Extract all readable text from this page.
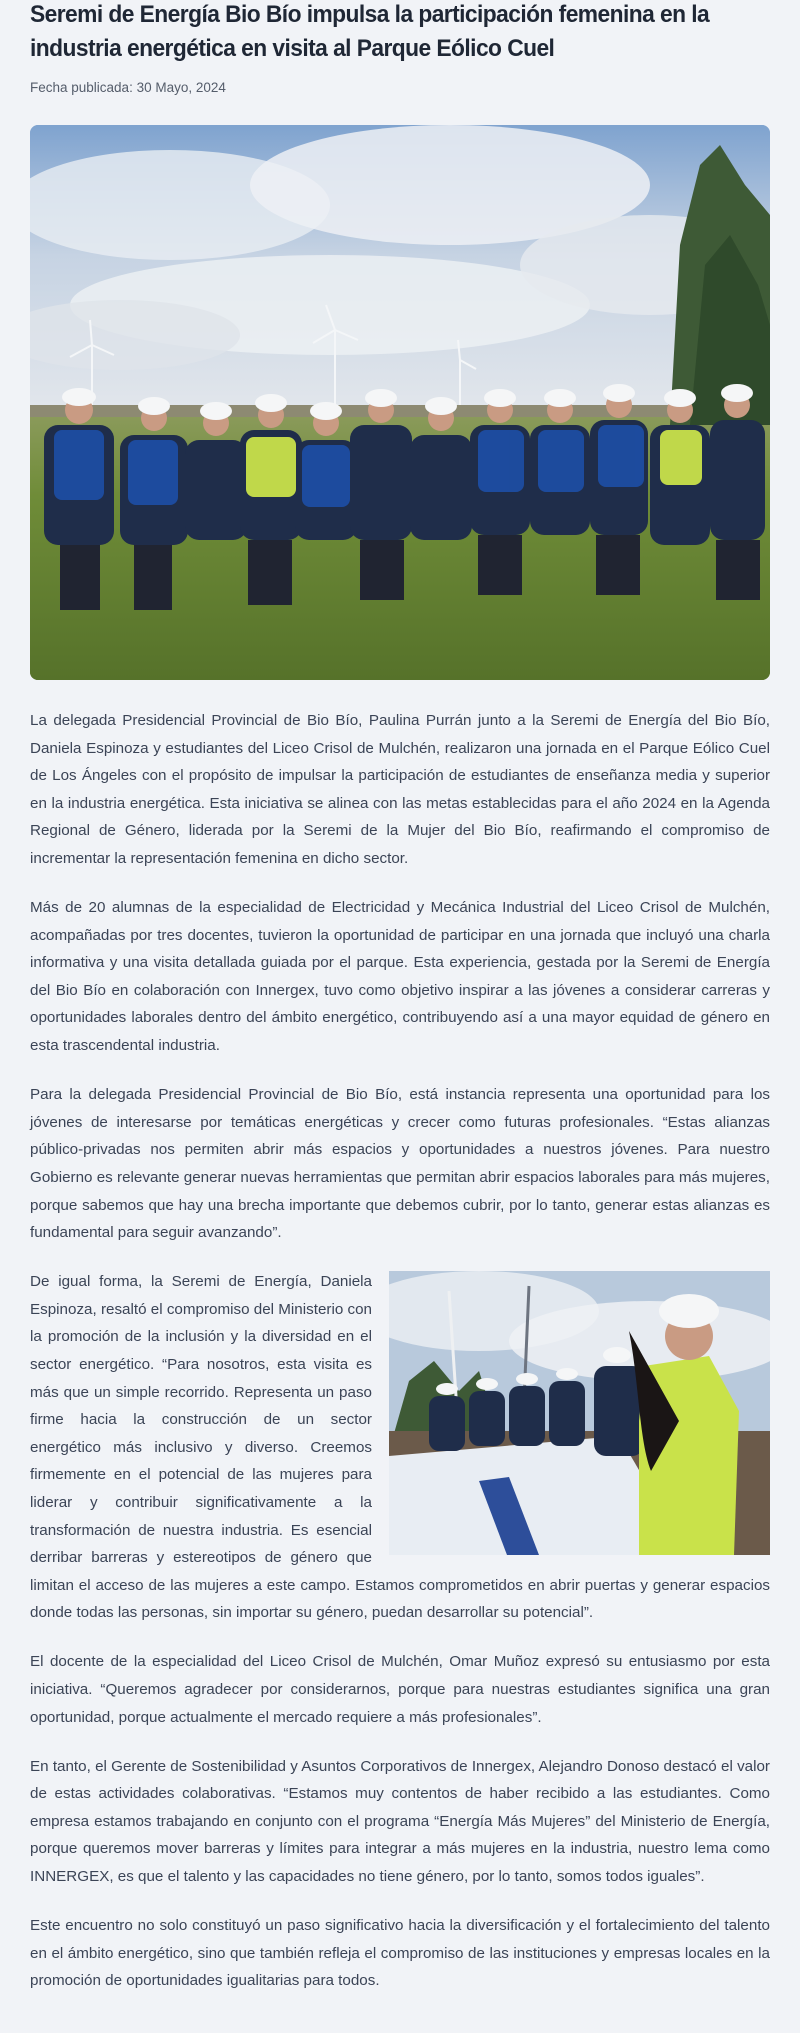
Seremi de Energía Bio Bío impulsa la participación femenina en la industria energética en visita al Parque Eólico Cuel
Fecha publicada: 30 Mayo, 2024

La delegada Presidencial Provincial de Bio Bío, Paulina Purrán junto a la Seremi de Energía del Bio Bío, Daniela Espinoza y estudiantes del Liceo Crisol de Mulchén, realizaron una jornada en el Parque Eólico Cuel de Los Ángeles con el propósito de impulsar la participación de estudiantes de enseñanza media y superior en la industria energética. Esta iniciativa se alinea con las metas establecidas para el año 2024 en la Agenda Regional de Género, liderada por la Seremi de la Mujer del Bio Bío, reafirmando el compromiso de incrementar la representación femenina en dicho sector.

Más de 20 alumnas de la especialidad de Electricidad y Mecánica Industrial del Liceo Crisol de Mulchén, acompañadas por tres docentes, tuvieron la oportunidad de participar en una jornada que incluyó una charla informativa y una visita detallada guiada por el parque. Esta experiencia, gestada por la Seremi de Energía del Bio Bío en colaboración con Innergex, tuvo como objetivo inspirar a las jóvenes a considerar carreras y oportunidades laborales dentro del ámbito energético, contribuyendo así a una mayor equidad de género en esta trascendental industria.

Para la delegada Presidencial Provincial de Bio Bío, está instancia representa una oportunidad para los jóvenes de interesarse por temáticas energéticas y crecer como futuras profesionales. “Estas alianzas público-privadas nos permiten abrir más espacios y oportunidades a nuestros jóvenes. Para nuestro Gobierno es relevante generar nuevas herramientas que permitan abrir espacios laborales para más mujeres, porque sabemos que hay una brecha importante que debemos cubrir, por lo tanto, generar estas alianzas es fundamental para seguir avanzando”.

De igual forma, la Seremi de Energía, Daniela Espinoza, resaltó el compromiso del Ministerio con la promoción de la inclusión y la diversidad en el sector energético. “Para nosotros, esta visita es más que un simple recorrido. Representa un paso firme hacia la construcción de un sector energético más inclusivo y diverso. Creemos firmemente en el potencial de las mujeres para liderar y contribuir significativamente a la transformación de nuestra industria. Es esencial derribar barreras y estereotipos de género que limitan el acceso de las mujeres a este campo. Estamos comprometidos en abrir puertas y generar espacios donde todas las personas, sin importar su género, puedan desarrollar su potencial”.

El docente de la especialidad del Liceo Crisol de Mulchén, Omar Muñoz expresó su entusiasmo por esta iniciativa. “Queremos agradecer por considerarnos, porque para nuestras estudiantes significa una gran oportunidad, porque actualmente el mercado requiere a más profesionales”.

En tanto, el Gerente de Sostenibilidad y Asuntos Corporativos de Innergex, Alejandro Donoso destacó el valor de estas actividades colaborativas. “Estamos muy contentos de haber recibido a las estudiantes. Como empresa estamos trabajando en conjunto con el programa “Energía Más Mujeres” del Ministerio de Energía, porque queremos mover barreras y límites para integrar a más mujeres en la industria, nuestro lema como INNERGEX, es que el talento y las capacidades no tiene género, por lo tanto, somos todos iguales”.

Este encuentro no solo constituyó un paso significativo hacia la diversificación y el fortalecimiento del talento en el ámbito energético, sino que también refleja el compromiso de las instituciones y empresas locales en la promoción de oportunidades igualitarias para todos.
